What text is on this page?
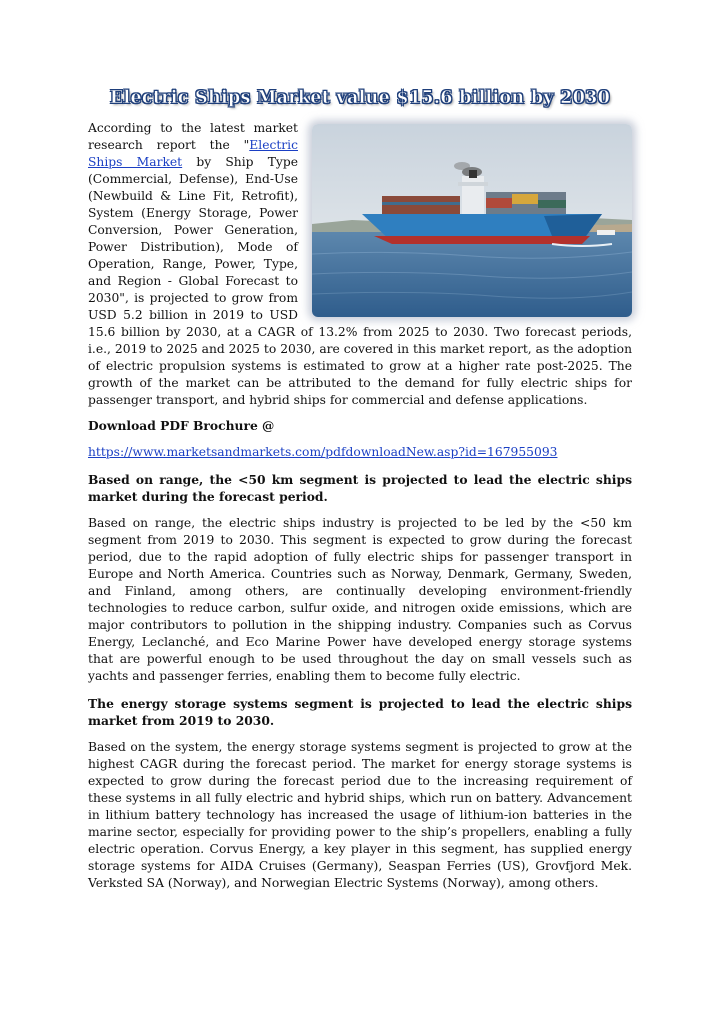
Electric Ships Market value $15.6 billion by 2030
According to the latest market research report the "Electric Ships Market by Ship Type (Commercial, Defense), End-Use (Newbuild & Line Fit, Retrofit), System (Energy Storage, Power Conversion, Power Generation, Power Distribution), Mode of Operation, Range, Power, Type, and Region - Global Forecast to 2030", is projected to grow from USD 5.2 billion in 2019 to USD 15.6 billion by 2030, at a CAGR of 13.2% from 2025 to 2030. Two forecast periods, i.e., 2019 to 2025 and 2025 to 2030, are covered in this market report, as the adoption of electric propulsion systems is estimated to grow at a higher rate post-2025. The growth of the market can be attributed to the demand for fully electric ships for passenger transport, and hybrid ships for commercial and defense applications.

Download PDF Brochure @

https://www.marketsandmarkets.com/pdfdownloadNew.asp?id=167955093

Based on range, the <50 km segment is projected to lead the electric ships market during the forecast period.

Based on range, the electric ships industry is projected to be led by the <50 km segment from 2019 to 2030. This segment is expected to grow during the forecast period, due to the rapid adoption of fully electric ships for passenger transport in Europe and North America. Countries such as Norway, Denmark, Germany, Sweden, and Finland, among others, are continually developing environment-friendly technologies to reduce carbon, sulfur oxide, and nitrogen oxide emissions, which are major contributors to pollution in the shipping industry. Companies such as Corvus Energy, Leclanché, and Eco Marine Power have developed energy storage systems that are powerful enough to be used throughout the day on small vessels such as yachts and passenger ferries, enabling them to become fully electric.

The energy storage systems segment is projected to lead the electric ships market from 2019 to 2030.

Based on the system, the energy storage systems segment is projected to grow at the highest CAGR during the forecast period. The market for energy storage systems is expected to grow during the forecast period due to the increasing requirement of these systems in all fully electric and hybrid ships, which run on battery. Advancement in lithium battery technology has increased the usage of lithium-ion batteries in the marine sector, especially for providing power to the ship’s propellers, enabling a fully electric operation. Corvus Energy, a key player in this segment, has supplied energy storage systems for AIDA Cruises (Germany), Seaspan Ferries (US), Grovfjord Mek. Verksted SA (Norway), and Norwegian Electric Systems (Norway), among others.
